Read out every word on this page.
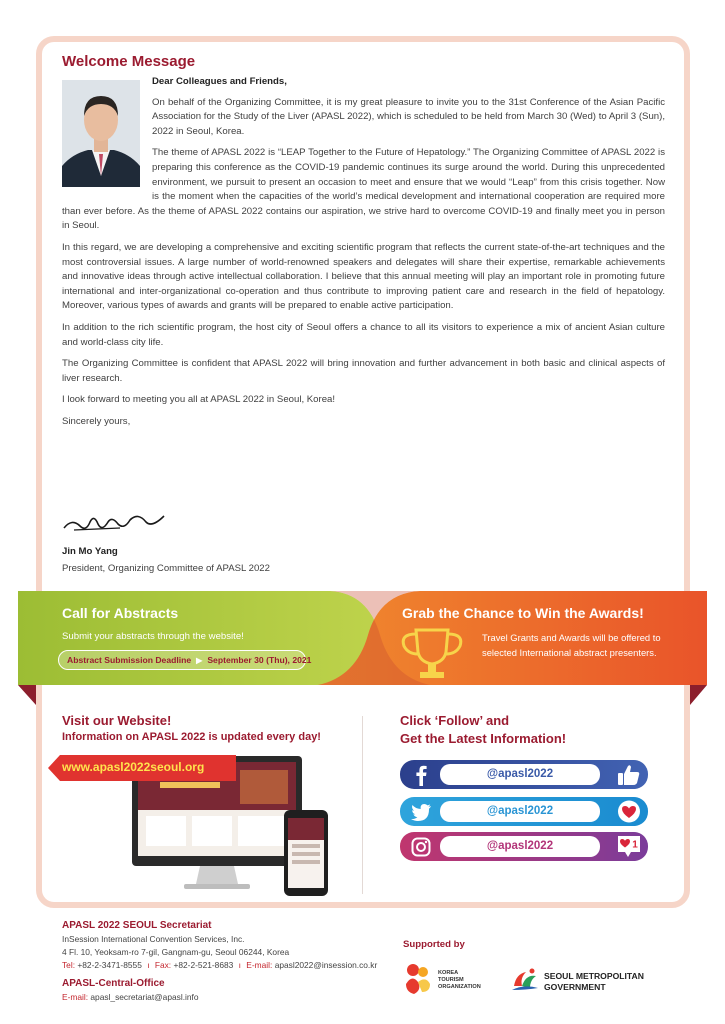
Welcome Message

Dear Colleagues and Friends,

On behalf of the Organizing Committee, it is my great pleasure to invite you to the 31st Conference of the Asian Pacific Association for the Study of the Liver (APASL 2022), which is scheduled to be held from March 30 (Wed) to April 3 (Sun), 2022 in Seoul, Korea.

The theme of APASL 2022 is “LEAP Together to the Future of Hepatology.” The Organizing Committee of APASL 2022 is preparing this conference as the COVID-19 pandemic continues its surge around the world. During this unprecedented environment, we pursuit to present an occasion to meet and ensure that we would “Leap” from this crisis together. Now is the moment when the capacities of the world’s medical development and international cooperation are required more than ever before. As the theme of APASL 2022 contains our aspiration, we strive hard to overcome COVID-19 and finally meet you in person in Seoul.

In this regard, we are developing a comprehensive and exciting scientific program that reflects the current state-of-the-art techniques and the most controversial issues. A large number of world-renowned speakers and delegates will share their expertise, remarkable achievements and innovative ideas through active intellectual collaboration. I believe that this annual meeting will play an important role in promoting future international and inter-organizational co-operation and thus contribute to improving patient care and research in the field of hepatology. Moreover, various types of awards and grants will be prepared to enable active participation.

In addition to the rich scientific program, the host city of Seoul offers a chance to all its visitors to experience a mix of ancient Asian culture and world-class city life.

The Organizing Committee is confident that APASL 2022 will bring innovation and further advancement in both basic and clinical aspects of liver research.

I look forward to meeting you all at APASL 2022 in Seoul, Korea!

Sincerely yours,

Jin Mo Yang
President, Organizing Committee of APASL 2022
Call for Abstracts
Submit your abstracts through the website!
Abstract Submission Deadline ▶ September 30 (Thu), 2021
Grab the Chance to Win the Awards!
Travel Grants and Awards will be offered to selected International abstract presenters.
Visit our Website!
Information on APASL 2022 is updated every day!
www.apasl2022seoul.org
Click ‘Follow’ and
Get the Latest Information!
@apasl2022
@apasl2022
@apasl2022	1
APASL 2022 SEOUL Secretariat
InSession International Convention Services, Inc.
4 Fl. 10, Yeoksam-ro 7-gil, Gangnam-gu, Seoul 06244, Korea
Tel: +82-2-3471-8555 ı Fax: +82-2-521-8683 ı E-mail: apasl2022@insession.co.kr
APASL-Central-Office
E-mail: apasl_secretariat@apasl.info
Supported by
KOREA
TOURISM
ORGANIZATION
SEOUL METROPOLITAN
GOVERNMENT
